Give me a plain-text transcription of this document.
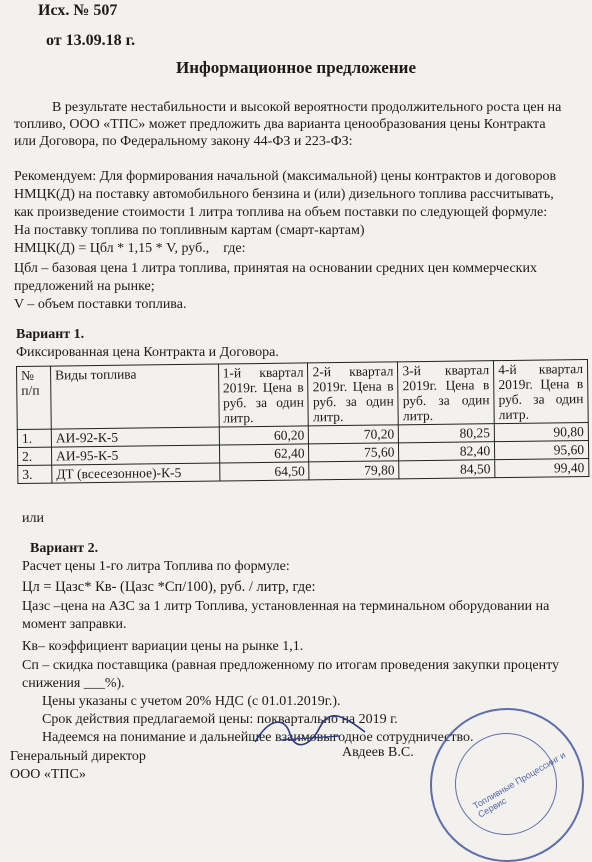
Исх. № 507
от 13.09.18 г.
Информационное предложение
В результате нестабильности и высокой вероятности продолжительного роста цен на
топливо, ООО «ТПС» может предложить два варианта ценообразования цены Контракта
или Договора, по Федеральному закону 44-ФЗ и 223-ФЗ:
Рекомендуем: Для формирования начальной (максимальной) цены контрактов и договоров
НМЦК(Д) на поставку автомобильного бензина и (или) дизельного топлива рассчитывать,
как произведение стоимости 1 литра топлива на объем поставки по следующей формуле:
На поставку топлива по топливным картам (смарт-картам)
НМЦК(Д) = Цбл * 1,15 * V, руб.,    где:
Цбл – базовая цена 1 литра топлива, принятая на основании средних цен коммерческих
предложений на рынке;
V – объем поставки топлива.
Вариант 1.
Фиксированная цена Контракта и Договора.
№ п/п	Виды топлива	1-й квартал 2019г. Цена в руб. за один литр.	2-й квартал 2019г. Цена в руб. за один литр.	3-й квартал 2019г. Цена в руб. за один литр.	4-й квартал 2019г. Цена в руб. за один литр.
1.	АИ-92-К-5	60,20	70,20	80,25	90,80
2.	АИ-95-К-5	62,40	75,60	82,40	95,60
3.	ДТ (всесезонное)-К-5	64,50	79,80	84,50	99,40
или
Вариант 2.
Расчет цены 1-го литра Топлива по формуле:
Цл = Цазс* Кв- (Цазс *Сп/100), руб. / литр, где:
Цазс –цена на АЗС за 1 литр Топлива, установленная на терминальном оборудовании на
момент заправки.
Кв– коэффициент вариации цены на рынке 1,1.
Сп – скидка поставщика (равная предложенному по итогам проведения закупки проценту
снижения ___%).
Цены указаны с учетом 20% НДС (с 01.01.2019г.).
Срок действия предлагаемой цены: поквартально на 2019 г.
Надеемся на понимание и дальнейшее взаимовыгодное сотрудничество.
Топливные Процессинг и Сервис
Генеральный директор
ООО «ТПС»
Авдеев В.С.
